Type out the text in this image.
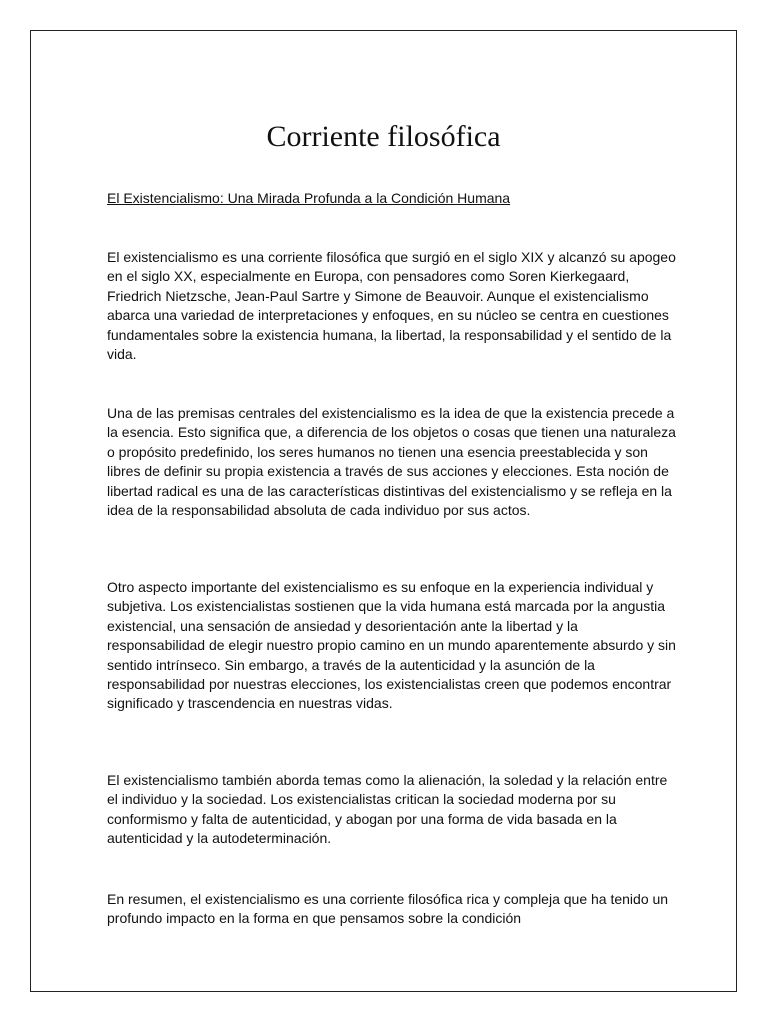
Corriente filosófica

El Existencialismo: Una Mirada Profunda a la Condición Humana

El existencialismo es una corriente filosófica que surgió en el siglo XIX y alcanzó su apogeo en el siglo XX, especialmente en Europa, con pensadores como Soren Kierkegaard, Friedrich Nietzsche, Jean-Paul Sartre y Simone de Beauvoir. Aunque el existencialismo abarca una variedad de interpretaciones y enfoques, en su núcleo se centra en cuestiones fundamentales sobre la existencia humana, la libertad, la responsabilidad y el sentido de la vida.

Una de las premisas centrales del existencialismo es la idea de que la existencia precede a la esencia. Esto significa que, a diferencia de los objetos o cosas que tienen una naturaleza o propósito predefinido, los seres humanos no tienen una esencia preestablecida y son libres de definir su propia existencia a través de sus acciones y elecciones. Esta noción de libertad radical es una de las características distintivas del existencialismo y se refleja en la idea de la responsabilidad absoluta de cada individuo por sus actos.

Otro aspecto importante del existencialismo es su enfoque en la experiencia individual y subjetiva. Los existencialistas sostienen que la vida humana está marcada por la angustia existencial, una sensación de ansiedad y desorientación ante la libertad y la responsabilidad de elegir nuestro propio camino en un mundo aparentemente absurdo y sin sentido intrínseco. Sin embargo, a través de la autenticidad y la asunción de la responsabilidad por nuestras elecciones, los existencialistas creen que podemos encontrar significado y trascendencia en nuestras vidas.

El existencialismo también aborda temas como la alienación, la soledad y la relación entre el individuo y la sociedad. Los existencialistas critican la sociedad moderna por su conformismo y falta de autenticidad, y abogan por una forma de vida basada en la autenticidad y la autodeterminación.

En resumen, el existencialismo es una corriente filosófica rica y compleja que ha tenido un profundo impacto en la forma en que pensamos sobre la condición
